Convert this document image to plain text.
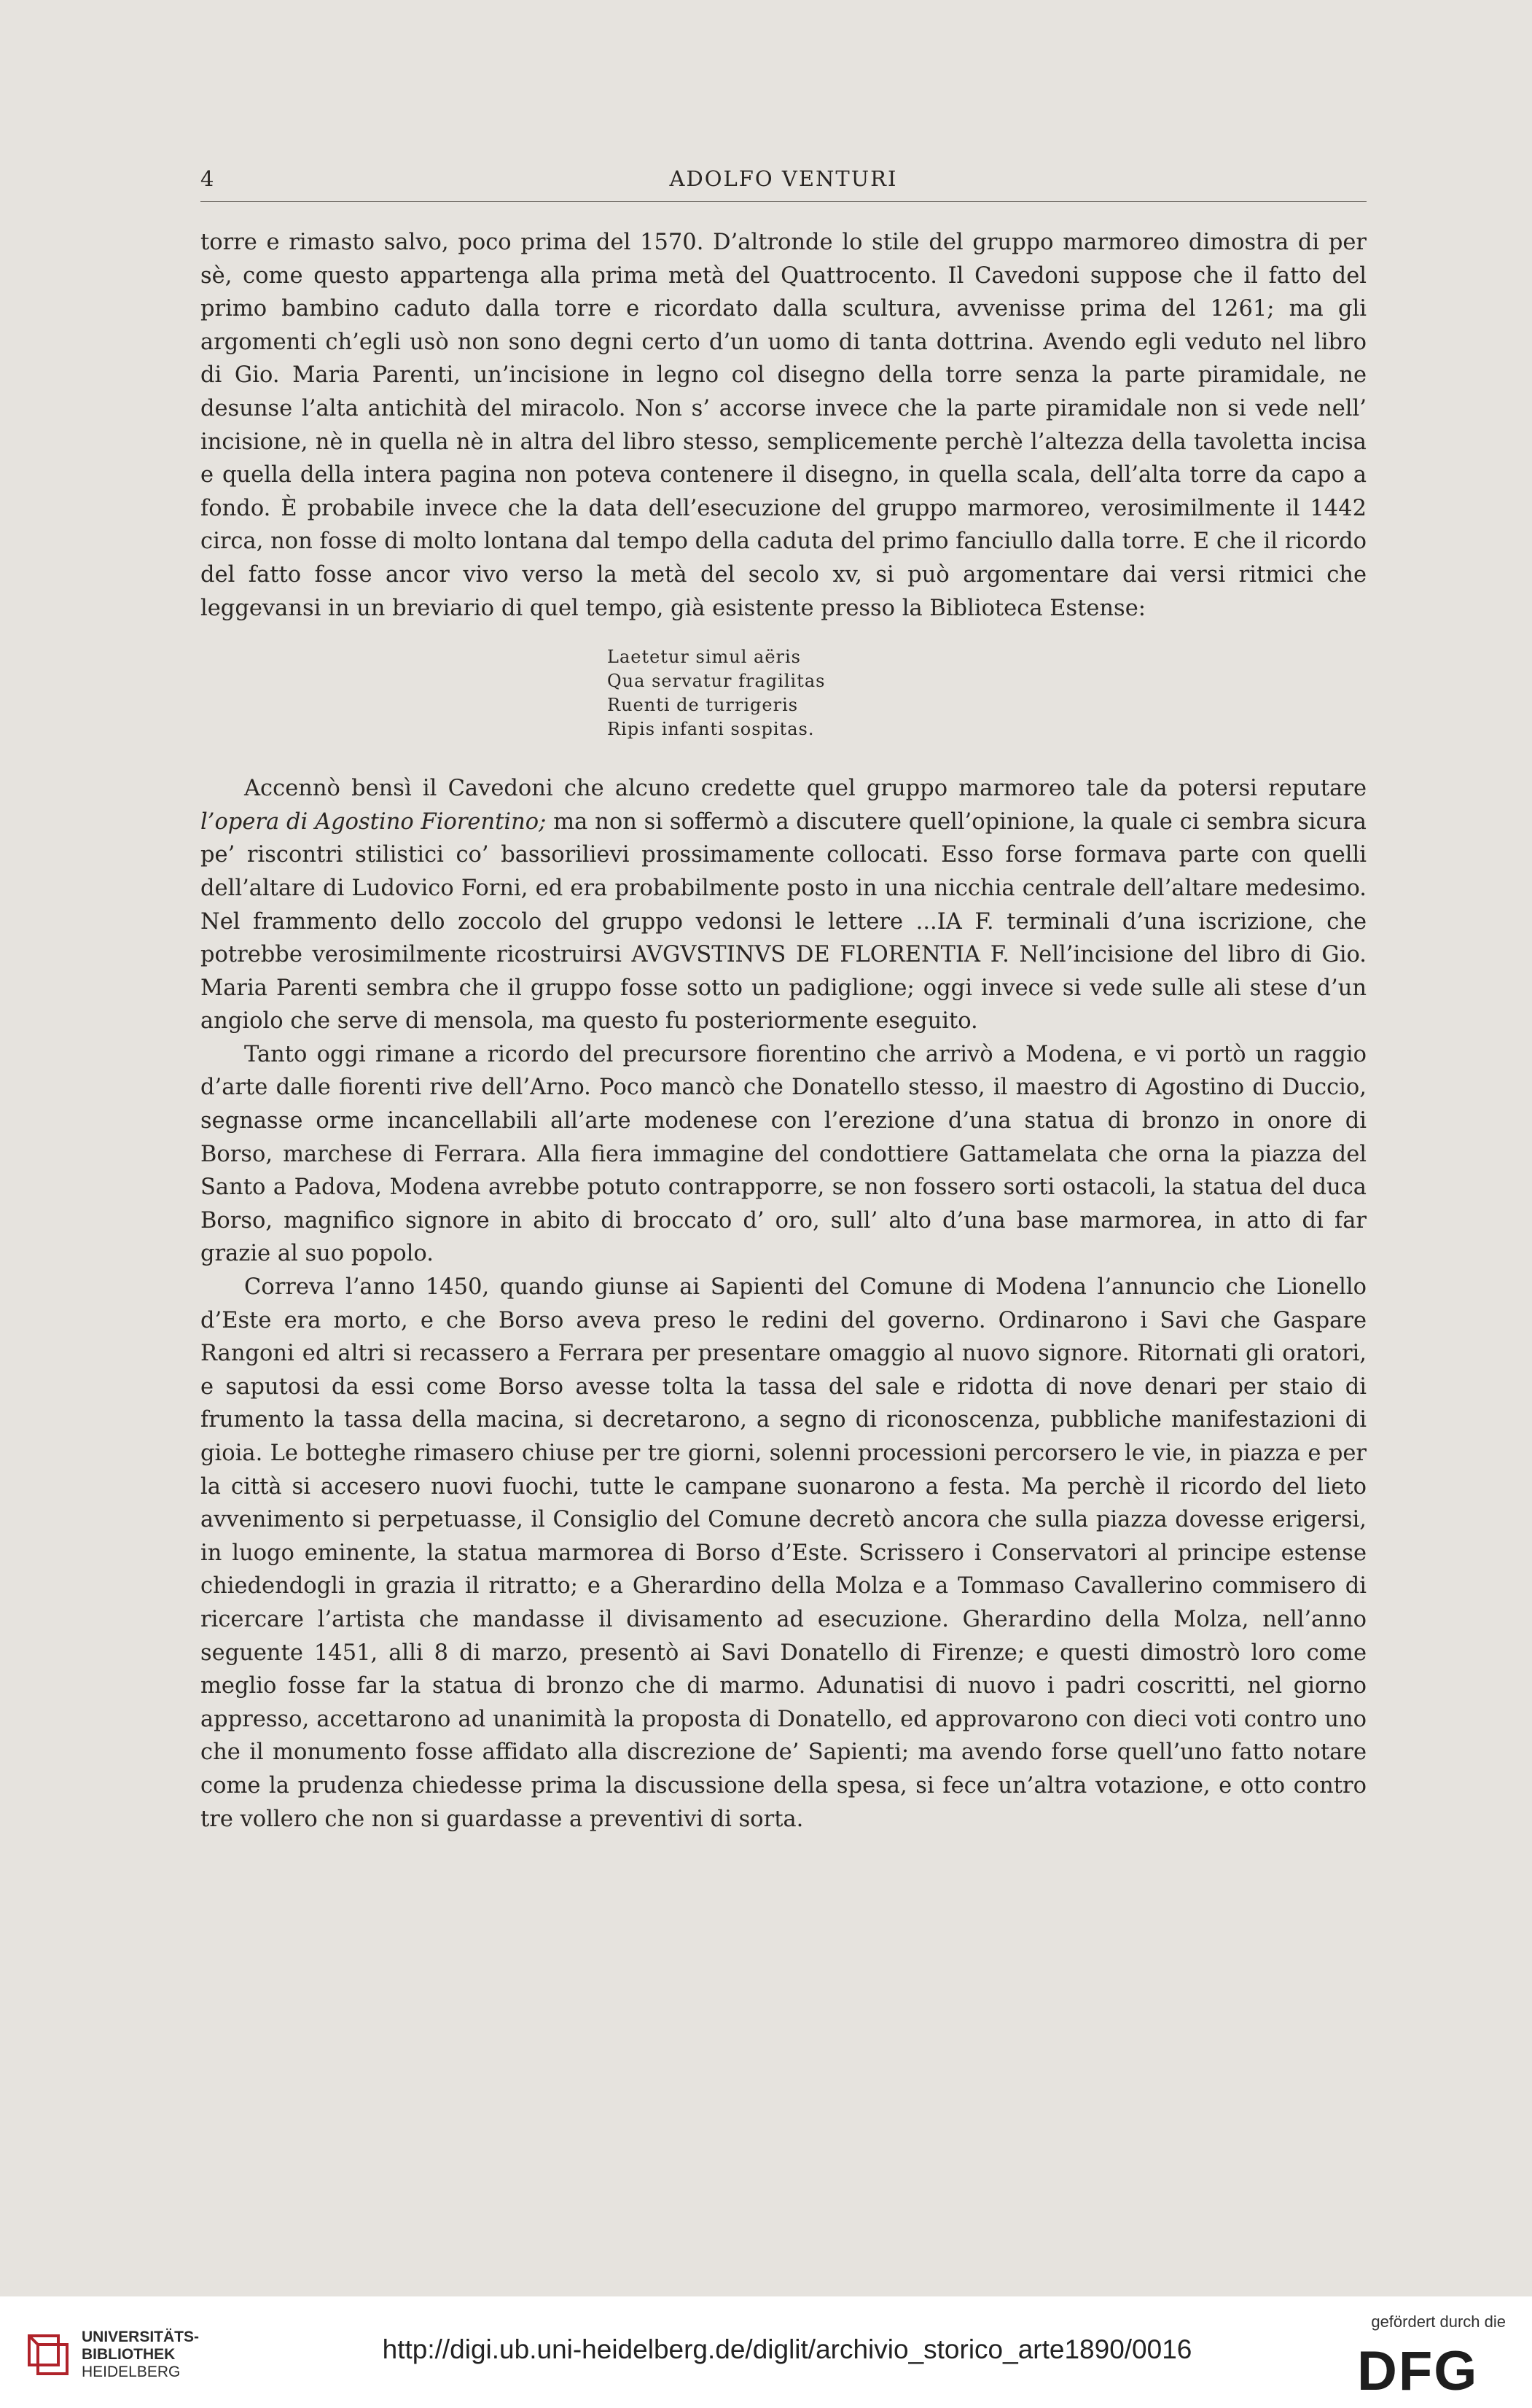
4	ADOLFO VENTURI

torre e rimasto salvo, poco prima del 1570. D’altronde lo stile del gruppo marmoreo dimostra di per sè, come questo appartenga alla prima metà del Quattrocento. Il Cavedoni suppose che il fatto del primo bambino caduto dalla torre e ricordato dalla scultura, avvenisse prima del 1261; ma gli argomenti ch’egli usò non sono degni certo d’un uomo di tanta dottrina. Avendo egli veduto nel libro di Gio. Maria Parenti, un’incisione in legno col disegno della torre senza la parte piramidale, ne desunse l’alta antichità del miracolo. Non s’ accorse invece che la parte piramidale non si vede nell’ incisione, nè in quella nè in altra del libro stesso, semplicemente perchè l’altezza della tavoletta incisa e quella della intera pagina non poteva contenere il disegno, in quella scala, dell’alta torre da capo a fondo. È probabile invece che la data dell’esecuzione del gruppo marmoreo, verosimilmente il 1442 circa, non fosse di molto lontana dal tempo della caduta del primo fanciullo dalla torre. E che il ricordo del fatto fosse ancor vivo verso la metà del secolo xv, si può argomentare dai versi ritmici che leggevansi in un breviario di quel tempo, già esistente presso la Biblioteca Estense:

Laetetur simul aëris
Qua servatur fragilitas
Ruenti de turrigeris
Ripis infanti sospitas.

Accennò bensì il Cavedoni che alcuno credette quel gruppo marmoreo tale da potersi reputare l’opera di Agostino Fiorentino; ma non si soffermò a discutere quell’opinione, la quale ci sembra sicura pe’ riscontri stilistici co’ bassorilievi prossimamente collocati. Esso forse formava parte con quelli dell’altare di Ludovico Forni, ed era probabilmente posto in una nicchia centrale dell’altare medesimo. Nel frammento dello zoccolo del gruppo vedonsi le lettere ...IA F. terminali d’una iscrizione, che potrebbe verosimilmente ricostruirsi AVGVSTINVS DE FLORENTIA F. Nell’incisione del libro di Gio. Maria Parenti sembra che il gruppo fosse sotto un padiglione; oggi invece si vede sulle ali stese d’un angiolo che serve di mensola, ma questo fu posteriormente eseguito.

Tanto oggi rimane a ricordo del precursore fiorentino che arrivò a Modena, e vi portò un raggio d’arte dalle fiorenti rive dell’Arno. Poco mancò che Donatello stesso, il maestro di Agostino di Duccio, segnasse orme incancellabili all’arte modenese con l’erezione d’una statua di bronzo in onore di Borso, marchese di Ferrara. Alla fiera immagine del condottiere Gattamelata che orna la piazza del Santo a Padova, Modena avrebbe potuto contrapporre, se non fossero sorti ostacoli, la statua del duca Borso, magnifico signore in abito di broccato d’ oro, sull’ alto d’una base marmorea, in atto di far grazie al suo popolo.

Correva l’anno 1450, quando giunse ai Sapienti del Comune di Modena l’annuncio che Lionello d’Este era morto, e che Borso aveva preso le redini del governo. Ordinarono i Savi che Gaspare Rangoni ed altri si recassero a Ferrara per presentare omaggio al nuovo signore. Ritornati gli oratori, e saputosi da essi come Borso avesse tolta la tassa del sale e ridotta di nove denari per staio di frumento la tassa della macina, si decretarono, a segno di riconoscenza, pubbliche manifestazioni di gioia. Le botteghe rimasero chiuse per tre giorni, solenni processioni percorsero le vie, in piazza e per la città si accesero nuovi fuochi, tutte le campane suonarono a festa. Ma perchè il ricordo del lieto avvenimento si perpetuasse, il Consiglio del Comune decretò ancora che sulla piazza dovesse erigersi, in luogo eminente, la statua marmorea di Borso d’Este. Scrissero i Conservatori al principe estense chiedendogli in grazia il ritratto; e a Gherardino della Molza e a Tommaso Cavallerino commisero di ricercare l’artista che mandasse il divisamento ad esecuzione. Gherardino della Molza, nell’anno seguente 1451, alli 8 di marzo, presentò ai Savi Donatello di Firenze; e questi dimostrò loro come meglio fosse far la statua di bronzo che di marmo. Adunatisi di nuovo i padri coscritti, nel giorno appresso, accettarono ad unanimità la proposta di Donatello, ed approvarono con dieci voti contro uno che il monumento fosse affidato alla discrezione de’ Sapienti; ma avendo forse quell’uno fatto notare come la prudenza chiedesse prima la discussione della spesa, si fece un’altra votazione, e otto contro tre vollero che non si guardasse a preventivi di sorta.

UNIVERSITÄTS-
BIBLIOTHEK
HEIDELBERG
http://digi.ub.uni-heidelberg.de/diglit/archivio_storico_arte1890/0016
gefördert durch die
DFG
